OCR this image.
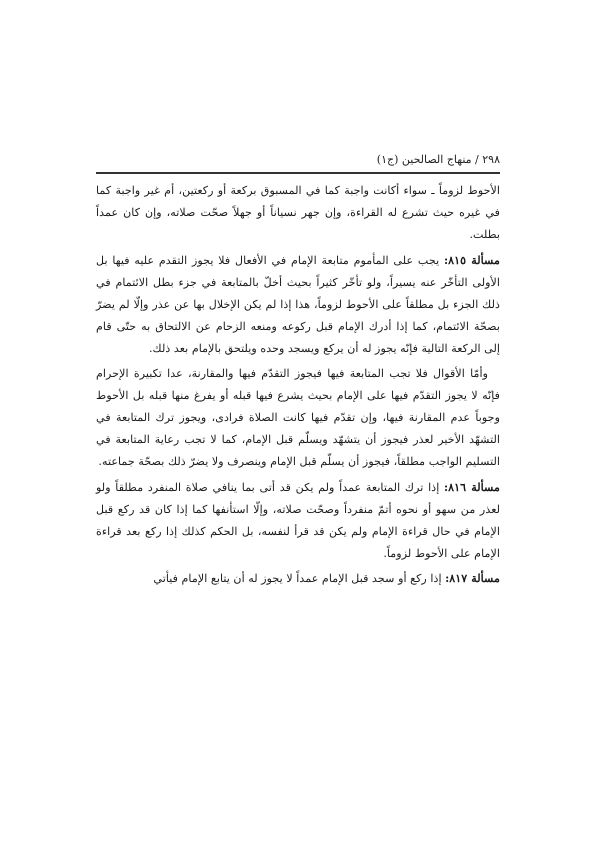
٢٩٨ / منهاج الصالحين (ج١)

الأحوط لزوماً ـ سواء أكانت واجبة كما في المسبوق بركعة أو ركعتين، أم غير واجبة كما في غيره حيث تشرع له القراءة، وإن جهر نسياناً أو جهلاً صحّت صلاته، وإن كان عمداً بطلت.

مسألة ٨١٥: يجب على المأموم متابعة الإمام في الأفعال فلا يجوز التقدم عليه فيها بل الأولى التأخّر عنه يسيراً، ولو تأخّر كثيراً بحيث أخلّ بالمتابعة في جزء بطل الائتمام في ذلك الجزء بل مطلقاً على الأحوط لزوماً، هذا إذا لم يكن الإخلال بها عن عذر وإلّا لم يضرّ بصحّة الائتمام، كما إذا أدرك الإمام قبل ركوعه ومنعه الزحام عن الالتحاق به حتّى قام إلى الركعة التالية فإنّه يجوز له أن يركع ويسجد وحده ويلتحق بالإمام بعد ذلك.

وأمّا الأقوال فلا تجب المتابعة فيها فيجوز التقدّم فيها والمقارنة، عدا تكبيرة الإحرام فإنّه لا يجوز التقدّم فيها على الإمام بحيث يشرع فيها قبله أو يفرغ منها قبله بل الأحوط وجوباً عدم المقارنة فيها، وإن تقدّم فيها كانت الصلاة فرادى، ويجوز ترك المتابعة في التشهّد الأخير لعذر فيجوز أن يتشهّد ويسلّم قبل الإمام، كما لا تجب رعاية المتابعة في التسليم الواجب مطلقاً، فيجوز أن يسلّم قبل الإمام وينصرف ولا يضرّ ذلك بصحّة جماعته.

مسألة ٨١٦: إذا ترك المتابعة عمداً ولم يكن قد أتى بما ينافي صلاة المنفرد مطلقاً ولو لعذر من سهو أو نحوه أتمّ منفرداً وصحّت صلاته، وإلّا استأنفها كما إذا كان قد ركع قبل الإمام في حال قراءة الإمام ولم يكن قد قرأ لنفسه، بل الحكم كذلك إذا ركع بعد قراءة الإمام على الأحوط لزوماً.

مسألة ٨١٧: إذا ركع أو سجد قبل الإمام عمداً لا يجوز له أن يتابع الإمام فيأتي
